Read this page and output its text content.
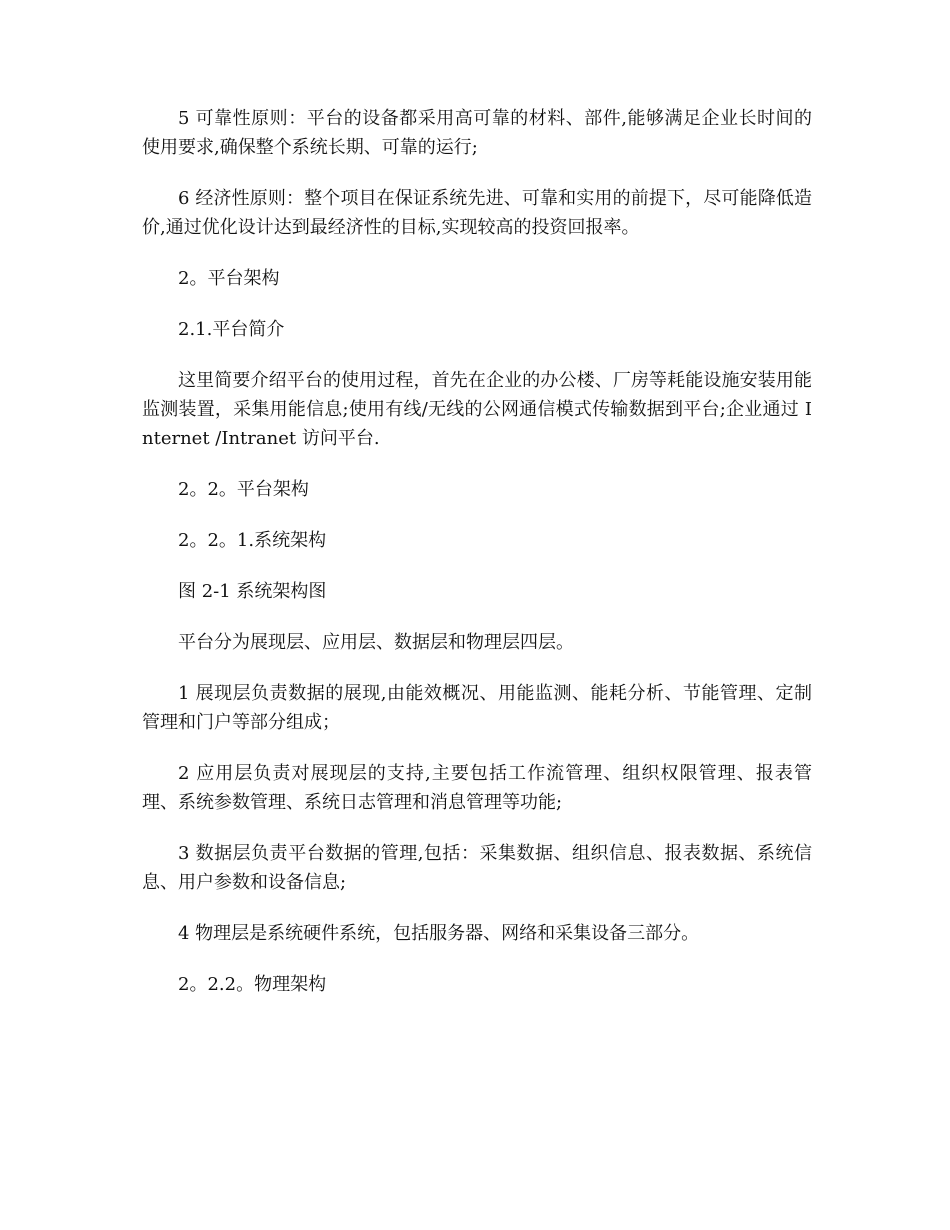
5 可靠性原则：平台的设备都采用高可靠的材料、部件,能够满足企业长时间的使用要求,确保整个系统长期、可靠的运行;

6 经济性原则：整个项目在保证系统先进、可靠和实用的前提下，尽可能降低造价,通过优化设计达到最经济性的目标,实现较高的投资回报率。

2。平台架构

2.1.平台简介

这里简要介绍平台的使用过程，首先在企业的办公楼、厂房等耗能设施安装用能监测装置，采集用能信息;使用有线/无线的公网通信模式传输数据到平台;企业通过 Internet /Intranet 访问平台.

2。2。平台架构

2。2。1.系统架构

图 2-1 系统架构图

平台分为展现层、应用层、数据层和物理层四层。

1 展现层负责数据的展现,由能效概况、用能监测、能耗分析、节能管理、定制管理和门户等部分组成；

2 应用层负责对展现层的支持,主要包括工作流管理、组织权限管理、报表管理、系统参数管理、系统日志管理和消息管理等功能;

3 数据层负责平台数据的管理,包括：采集数据、组织信息、报表数据、系统信息、用户参数和设备信息;

4 物理层是系统硬件系统，包括服务器、网络和采集设备三部分。

2。2.2。物理架构
